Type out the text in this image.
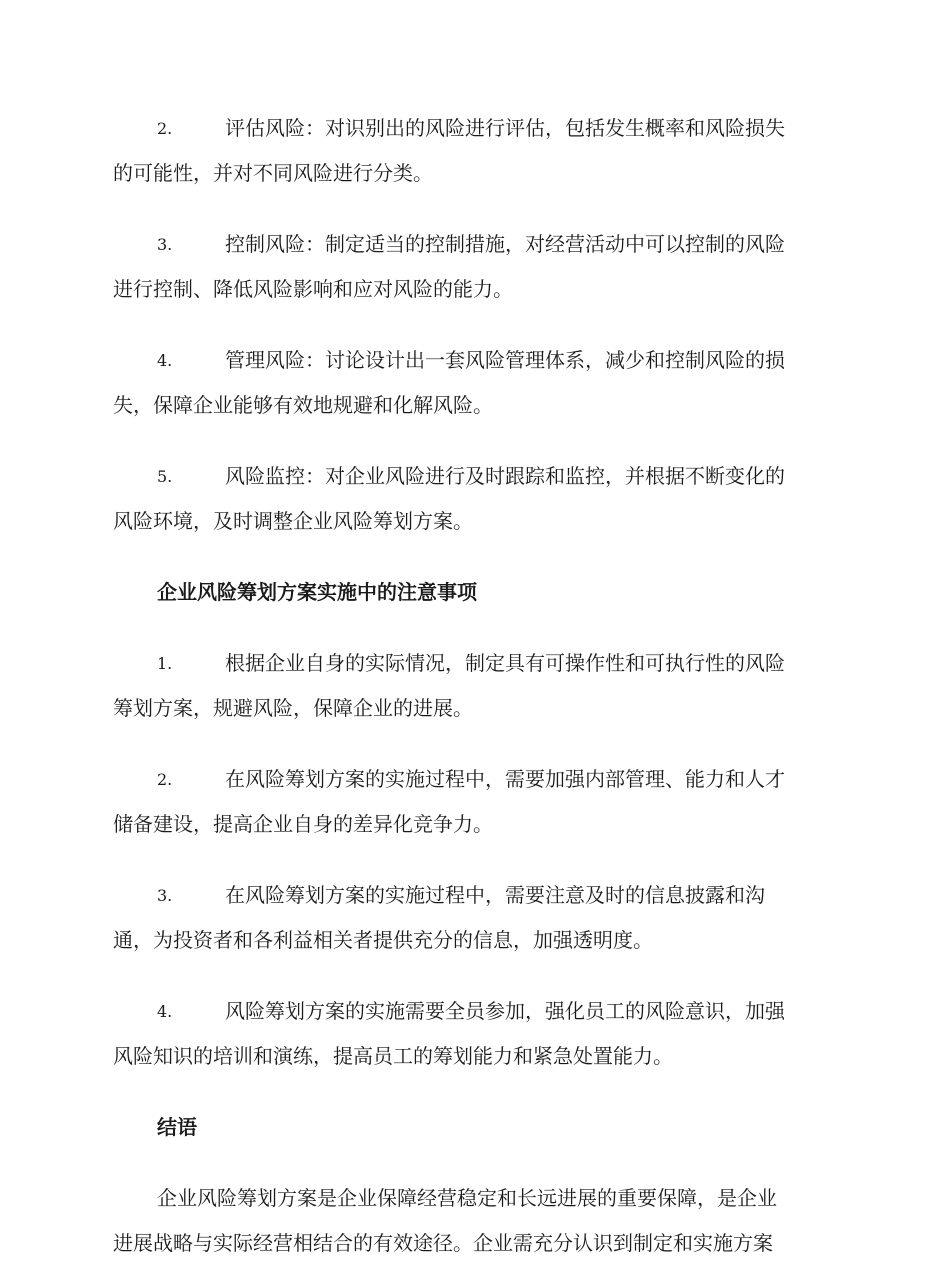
2.	评估风险：对识别出的风险进行评估，包括发生概率和风险损失
的可能性，并对不同风险进行分类。
3.	控制风险：制定适当的控制措施，对经营活动中可以控制的风险
进行控制、降低风险影响和应对风险的能力。
4.	管理风险：讨论设计出一套风险管理体系，减少和控制风险的损
失，保障企业能够有效地规避和化解风险。
5.	风险监控：对企业风险进行及时跟踪和监控，并根据不断变化的
风险环境，及时调整企业风险筹划方案。
企业风险筹划方案实施中的注意事项
1.	根据企业自身的实际情况，制定具有可操作性和可执行性的风险
筹划方案，规避风险，保障企业的进展。
2.	在风险筹划方案的实施过程中，需要加强内部管理、能力和人才
储备建设，提高企业自身的差异化竞争力。
3.	在风险筹划方案的实施过程中，需要注意及时的信息披露和沟
通，为投资者和各利益相关者提供充分的信息，加强透明度。
4.	风险筹划方案的实施需要全员参加，强化员工的风险意识，加强
风险知识的培训和演练，提高员工的筹划能力和紧急处置能力。
结语
企业风险筹划方案是企业保障经营稳定和长远进展的重要保障，是企业
进展战略与实际经营相结合的有效途径。企业需充分认识到制定和实施方案
